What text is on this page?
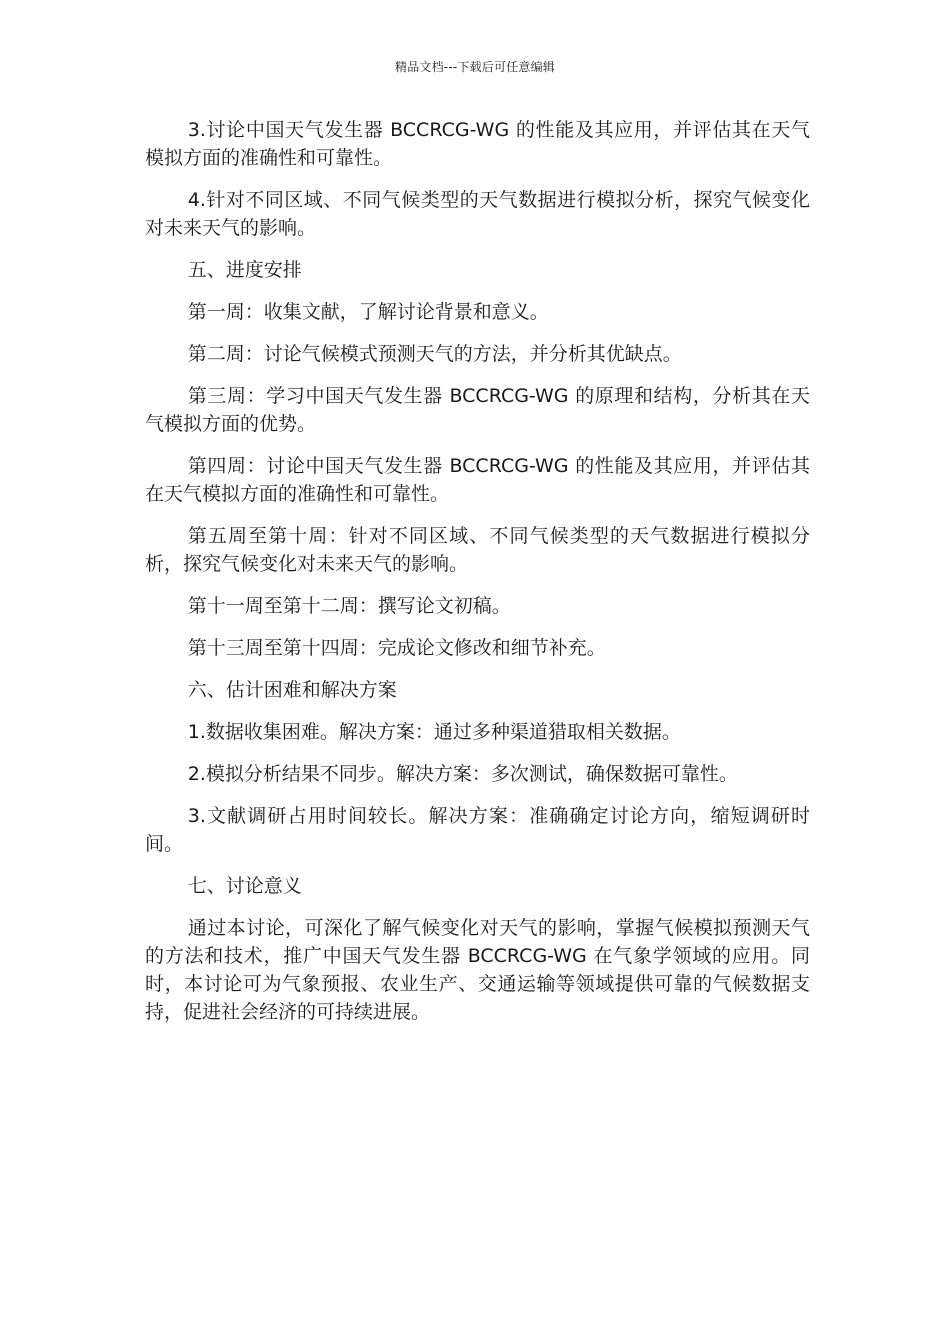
精品文档---下载后可任意编辑

3.讨论中国天气发生器 BCCRCG-WG 的性能及其应用，并评估其在天气模拟方面的准确性和可靠性。

4.针对不同区域、不同气候类型的天气数据进行模拟分析，探究气候变化对未来天气的影响。

五、进度安排

第一周：收集文献，了解讨论背景和意义。

第二周：讨论气候模式预测天气的方法，并分析其优缺点。

第三周：学习中国天气发生器 BCCRCG-WG 的原理和结构，分析其在天气模拟方面的优势。

第四周：讨论中国天气发生器 BCCRCG-WG 的性能及其应用，并评估其在天气模拟方面的准确性和可靠性。

第五周至第十周：针对不同区域、不同气候类型的天气数据进行模拟分析，探究气候变化对未来天气的影响。

第十一周至第十二周：撰写论文初稿。

第十三周至第十四周：完成论文修改和细节补充。

六、估计困难和解决方案

1.数据收集困难。解决方案：通过多种渠道猎取相关数据。

2.模拟分析结果不同步。解决方案：多次测试，确保数据可靠性。

3.文献调研占用时间较长。解决方案：准确确定讨论方向，缩短调研时间。

七、讨论意义

通过本讨论，可深化了解气候变化对天气的影响，掌握气候模拟预测天气的方法和技术，推广中国天气发生器 BCCRCG-WG 在气象学领域的应用。同时，本讨论可为气象预报、农业生产、交通运输等领域提供可靠的气候数据支持，促进社会经济的可持续进展。
